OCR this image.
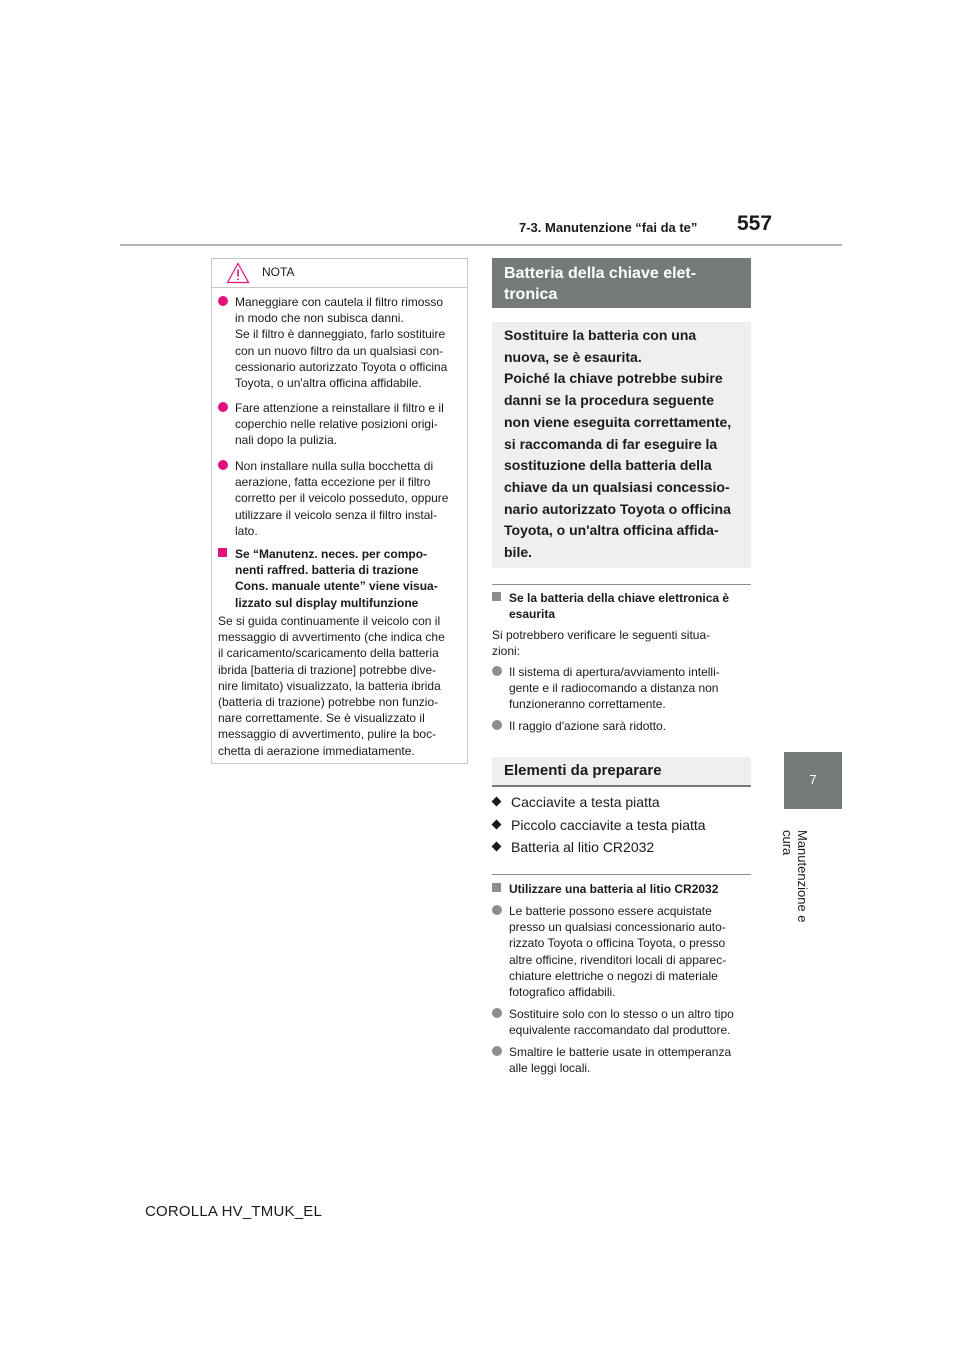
7-3. Manutenzione “fai da te” 557
7
Manutenzione e cura
NOTA
Maneggiare con cautela il filtro rimosso
in modo che non subisca danni.
Se il filtro è danneggiato, farlo sostituire
con un nuovo filtro da un qualsiasi con-
cessionario autorizzato Toyota o officina
Toyota, o un'altra officina affidabile.
Fare attenzione a reinstallare il filtro e il
coperchio nelle relative posizioni origi-
nali dopo la pulizia.
Non installare nulla sulla bocchetta di
aerazione, fatta eccezione per il filtro
corretto per il veicolo posseduto, oppure
utilizzare il veicolo senza il filtro instal-
lato.
Se “Manutenz. neces. per compo-
nenti raffred. batteria di trazione
Cons. manuale utente” viene visua-
lizzato sul display multifunzione
Se si guida continuamente il veicolo con il
messaggio di avvertimento (che indica che
il caricamento/scaricamento della batteria
ibrida [batteria di trazione] potrebbe dive-
nire limitato) visualizzato, la batteria ibrida
(batteria di trazione) potrebbe non funzio-
nare correttamente. Se è visualizzato il
messaggio di avvertimento, pulire la boc-
chetta di aerazione immediatamente.
Batteria della chiave elet-
tronica
Sostituire la batteria con una
nuova, se è esaurita.
Poiché la chiave potrebbe subire
danni se la procedura seguente
non viene eseguita correttamente,
si raccomanda di far eseguire la
sostituzione della batteria della
chiave da un qualsiasi concessio-
nario autorizzato Toyota o officina
Toyota, o un'altra officina affida-
bile.
Se la batteria della chiave elettronica è
esaurita
Si potrebbero verificare le seguenti situa-
zioni:
Il sistema di apertura/avviamento intelli-
gente e il radiocomando a distanza non
funzioneranno correttamente.
Il raggio d'azione sarà ridotto.
Elementi da preparare
Cacciavite a testa piatta
Piccolo cacciavite a testa piatta
Batteria al litio CR2032
Utilizzare una batteria al litio CR2032
Le batterie possono essere acquistate
presso un qualsiasi concessionario auto-
rizzato Toyota o officina Toyota, o presso
altre officine, rivenditori locali di apparec-
chiature elettriche o negozi di materiale
fotografico affidabili.
Sostituire solo con lo stesso o un altro tipo
equivalente raccomandato dal produttore.
Smaltire le batterie usate in ottemperanza
alle leggi locali.
COROLLA HV_TMUK_EL
